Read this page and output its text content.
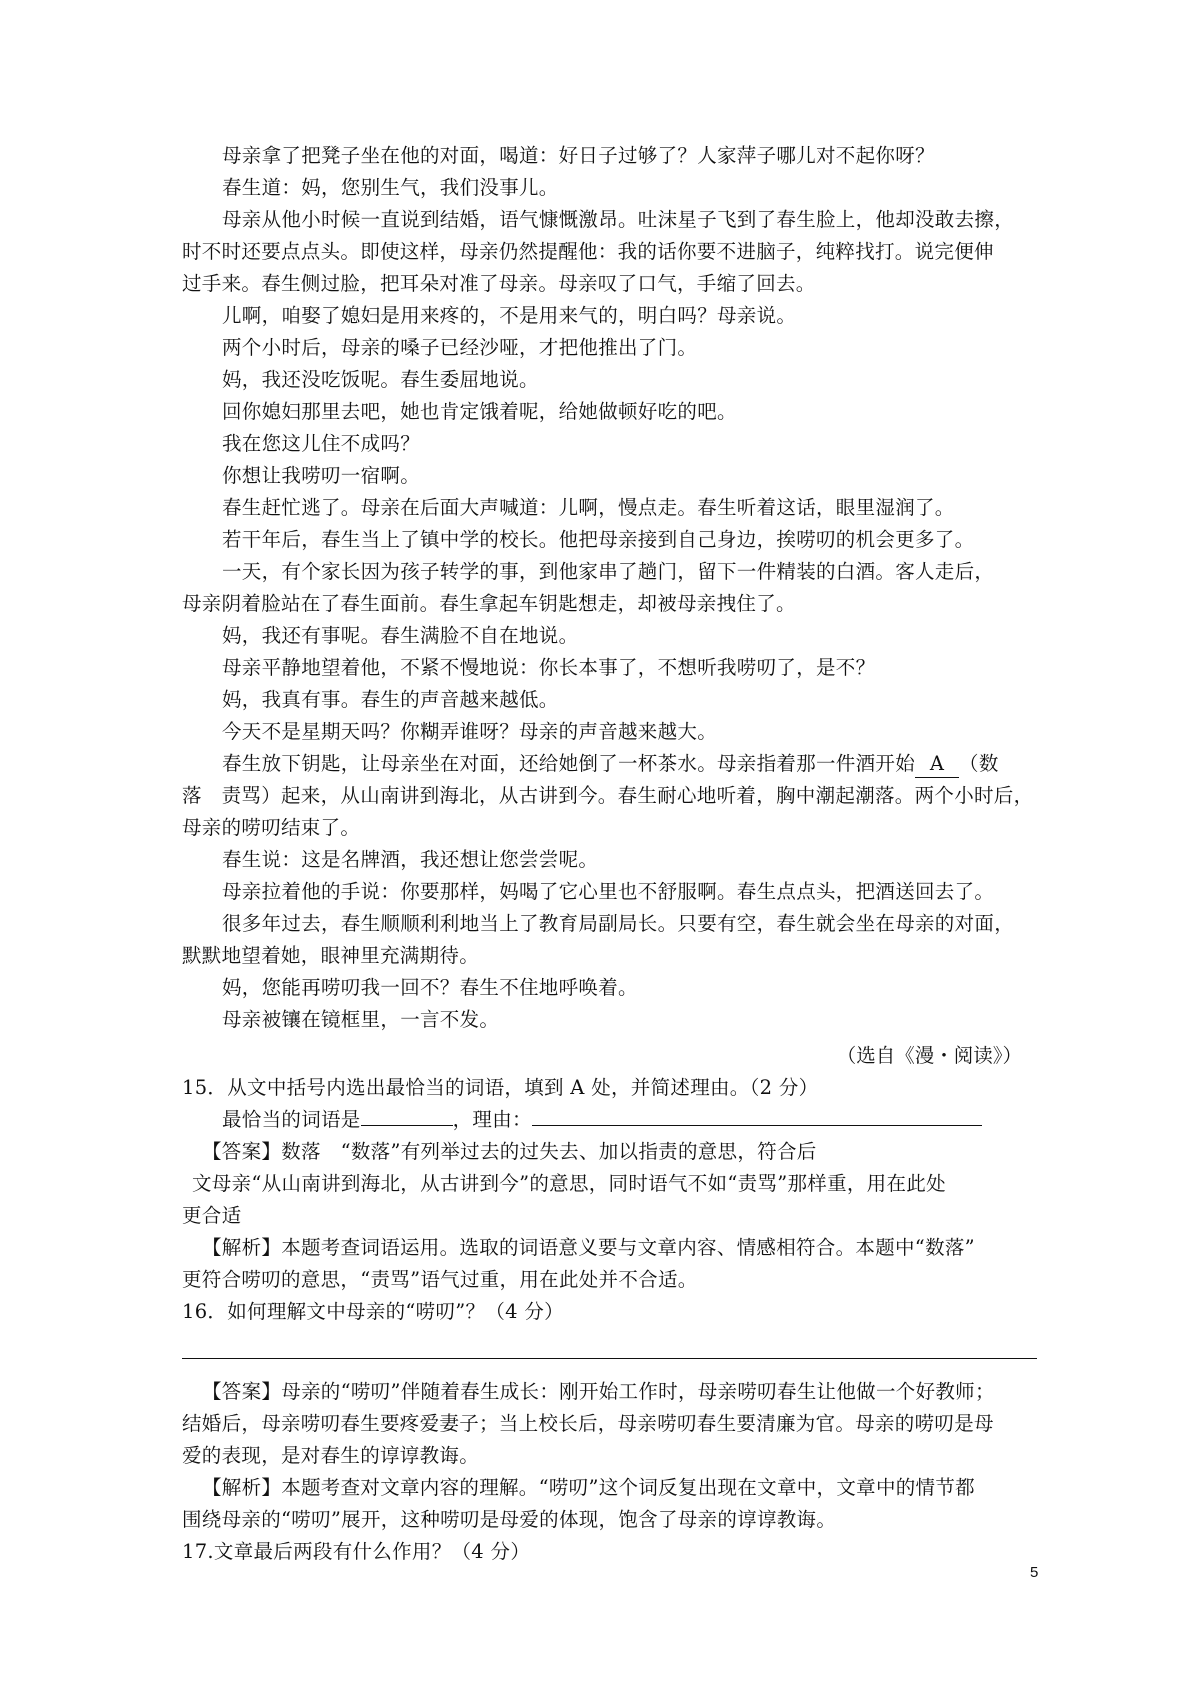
母亲拿了把凳子坐在他的对面，喝道：好日子过够了？人家萍子哪儿对不起你呀？
春生道：妈，您别生气，我们没事儿。
母亲从他小时候一直说到结婚，语气慷慨激昂。吐沫星子飞到了春生脸上，他却没敢去擦，
时不时还要点点头。即使这样，母亲仍然提醒他：我的话你要不进脑子，纯粹找打。说完便伸
过手来。春生侧过脸，把耳朵对准了母亲。母亲叹了口气，手缩了回去。
儿啊，咱娶了媳妇是用来疼的，不是用来气的，明白吗？母亲说。
两个小时后，母亲的嗓子已经沙哑，才把他推出了门。
妈，我还没吃饭呢。春生委屈地说。
回你媳妇那里去吧，她也肯定饿着呢，给她做顿好吃的吧。
我在您这儿住不成吗？
你想让我唠叨一宿啊。
春生赶忙逃了。母亲在后面大声喊道：儿啊，慢点走。春生听着这话，眼里湿润了。
若干年后，春生当上了镇中学的校长。他把母亲接到自己身边，挨唠叨的机会更多了。
一天，有个家长因为孩子转学的事，到他家串了趟门，留下一件精装的白酒。客人走后，
母亲阴着脸站在了春生面前。春生拿起车钥匙想走，却被母亲拽住了。
妈，我还有事呢。春生满脸不自在地说。
母亲平静地望着他，不紧不慢地说：你长本事了，不想听我唠叨了，是不？
妈，我真有事。春生的声音越来越低。
今天不是星期天吗？你糊弄谁呀？母亲的声音越来越大。
春生放下钥匙，让母亲坐在对面，还给她倒了一杯茶水。母亲指着那一件酒开始 A （数
落　责骂）起来，从山南讲到海北，从古讲到今。春生耐心地听着，胸中潮起潮落。两个小时后，
母亲的唠叨结束了。
春生说：这是名牌酒，我还想让您尝尝呢。
母亲拉着他的手说：你要那样，妈喝了它心里也不舒服啊。春生点点头，把酒送回去了。
很多年过去，春生顺顺利利地当上了教育局副局长。只要有空，春生就会坐在母亲的对面，
默默地望着她，眼神里充满期待。
妈，您能再唠叨我一回不？春生不住地呼唤着。
母亲被镶在镜框里，一言不发。
（选自《漫・阅读》）
15．从文中括号内选出最恰当的词语，填到 A 处，并简述理由。（2 分）
最恰当的词语是	，理由：
【答案】数落　“数落”有列举过去的过失去、加以指责的意思，符合后
文母亲“从山南讲到海北，从古讲到今”的意思，同时语气不如“责骂”那样重，用在此处
更合适
【解析】本题考查词语运用。选取的词语意义要与文章内容、情感相符合。本题中“数落”
更符合唠叨的意思，“责骂”语气过重，用在此处并不合适。
16．如何理解文中母亲的“唠叨”？（4 分）
【答案】母亲的“唠叨”伴随着春生成长：刚开始工作时，母亲唠叨春生让他做一个好教师；
结婚后，母亲唠叨春生要疼爱妻子；当上校长后，母亲唠叨春生要清廉为官。母亲的唠叨是母
爱的表现，是对春生的谆谆教诲。
【解析】本题考查对文章内容的理解。“唠叨”这个词反复出现在文章中，文章中的情节都
围绕母亲的“唠叨”展开，这种唠叨是母爱的体现，饱含了母亲的谆谆教诲。
17.文章最后两段有什么作用？（4 分）
5
